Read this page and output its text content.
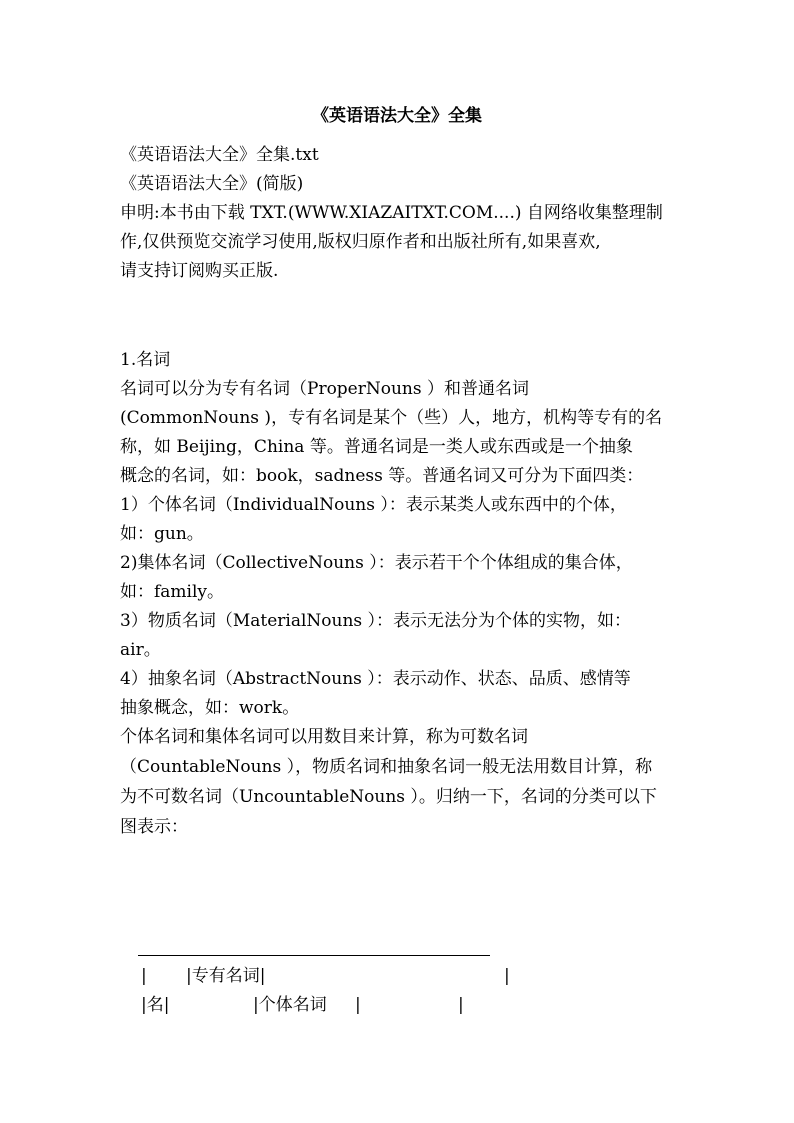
《英语语法大全》全集
《英语语法大全》全集.txt
《英语语法大全》(简版)
申明:本书由下载 TXT.(WWW.XIAZAITXT.COM....) 自网络收集整理制
作,仅供预览交流学习使用,版权归原作者和出版社所有,如果喜欢,
请支持订阅购买正版.
1.名词
名词可以分为专有名词（ProperNouns ）和普通名词
(CommonNouns )，专有名词是某个（些）人，地方，机构等专有的名
称，如 Beijing，China 等。普通名词是一类人或东西或是一个抽象
概念的名词，如：book，sadness 等。普通名词又可分为下面四类：
1）个体名词（IndividualNouns ）：表示某类人或东西中的个体，
如：gun。
2)集体名词（CollectiveNouns ）：表示若干个个体组成的集合体，
如：family。
3）物质名词（MaterialNouns ）：表示无法分为个体的实物，如：
air。
4）抽象名词（AbstractNouns ）：表示动作、状态、品质、感情等
抽象概念，如：work。
个体名词和集体名词可以用数目来计算，称为可数名词
（CountableNouns ），物质名词和抽象名词一般无法用数目计算，称
为不可数名词（UncountableNouns ）。归纳一下，名词的分类可以下
图表示：
| |专有名词|	|
|名|	|个体名词 |	|
